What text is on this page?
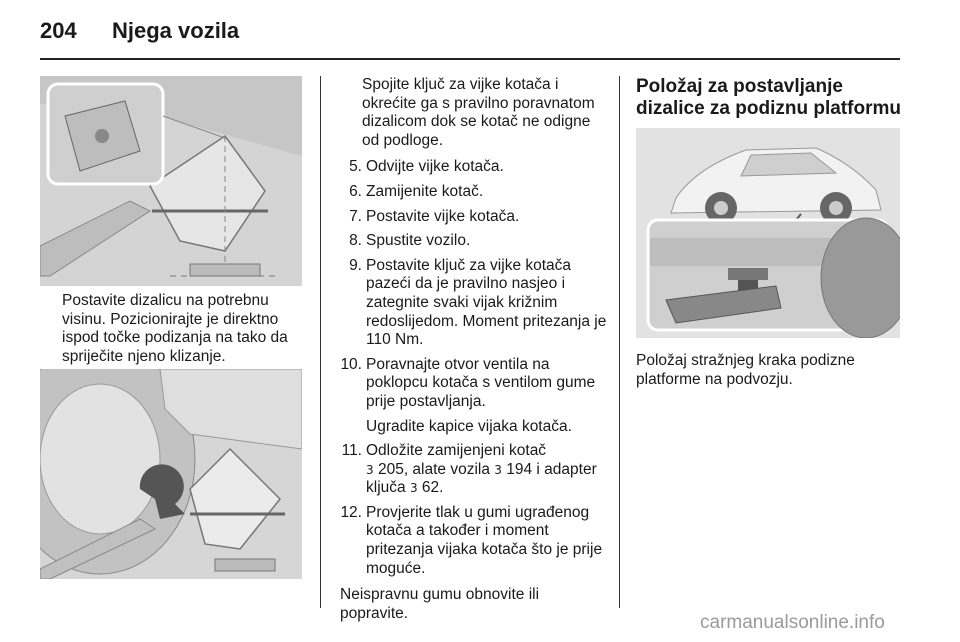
204 Njega vozila
Postavite dizalicu na potrebnu visinu. Pozicionirajte je direktno ispod točke podizanja na tako da spriječite njeno klizanje.
Spojite ključ za vijke kotača i okrećite ga s pravilno poravnatom dizalicom dok se kotač ne odigne od podloge.
5. Odvijte vijke kotača.
6. Zamijenite kotač.
7. Postavite vijke kotača.
8. Spustite vozilo.
9. Postavite ključ za vijke kotača pazeći da je pravilno nasjeo i zategnite svaki vijak križnim redoslijedom. Moment pritezanja je 110 Nm.
10. Poravnajte otvor ventila na poklopcu kotača s ventilom gume prije postavljanja.
Ugradite kapice vijaka kotača.
11. Odložite zamijenjeni kotač
3 205, alate vozila 3 194 i adapter ključa 3 62.
12. Provjerite tlak u gumi ugrađenog kotača a također i moment pritezanja vijaka kotača što je prije moguće.
Neispravnu gumu obnovite ili popravite.
Položaj za postavljanje dizalice za podiznu platformu
Položaj stražnjeg kraka podizne platforme na podvozju.
carmanualsonline.info
